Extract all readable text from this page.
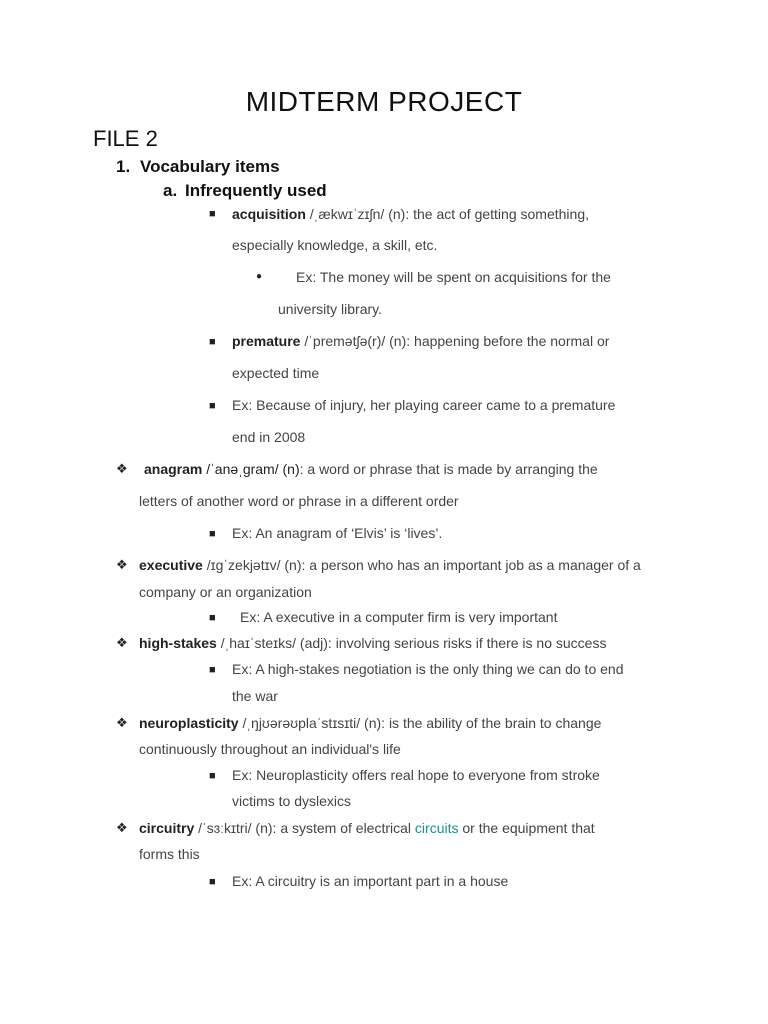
MIDTERM PROJECT
FILE 2
1. Vocabulary items
a. Infrequently used
■ acquisition /ˌækwɪˈzɪʃn/ (n): the act of getting something,
especially knowledge, a skill, etc.
● Ex: The money will be spent on acquisitions for the
university library.
■ premature /ˈpremətʃə(r)/ (n): happening before the normal or
expected time
■ Ex: Because of injury, her playing career came to a premature
end in 2008
❖ anagram /ˈanəˌɡram/ (n): a word or phrase that is made by arranging the
letters of another word or phrase in a different order
■ Ex: An anagram of ‘Elvis’ is ‘lives’.
❖ executive /ɪɡˈzekjətɪv/ (n): a person who has an important job as a manager of a
company or an organization
■ Ex: A executive in a computer firm is very important
❖ high-stakes /ˌhaɪˈsteɪks/ (adj): involving serious risks if there is no success
■ Ex: A high-stakes negotiation is the only thing we can do to end
the war
❖ neuroplasticity /ˌŋjʊərəʊplaˈstɪsɪti/ (n): is the ability of the brain to change
continuously throughout an individual's life
■ Ex: Neuroplasticity offers real hope to everyone from stroke
victims to dyslexics
❖ circuitry /ˈsɜːkɪtri/ (n): a system of electrical circuits or the equipment that
forms this
■ Ex: A circuitry is an important part in a house
